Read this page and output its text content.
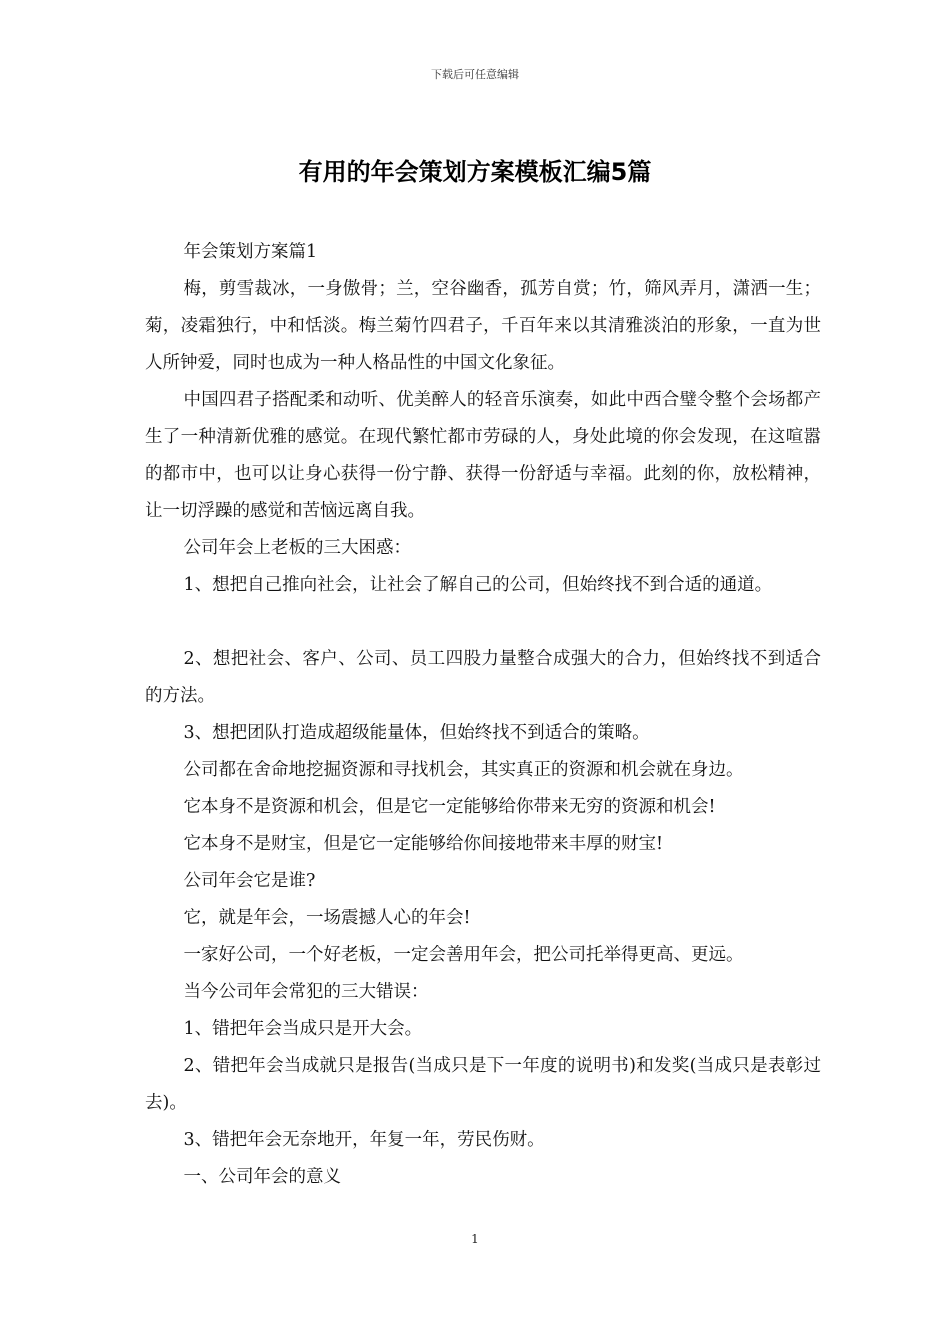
下载后可任意编辑
有用的年会策划方案模板汇编5篇

年会策划方案篇1

梅，剪雪裁冰，一身傲骨；兰，空谷幽香，孤芳自赏；竹，筛风弄月，潇洒一生；菊，凌霜独行，中和恬淡。梅兰菊竹四君子，千百年来以其清雅淡泊的形象，一直为世人所钟爱，同时也成为一种人格品性的中国文化象征。

中国四君子搭配柔和动听、优美醉人的轻音乐演奏，如此中西合璧令整个会场都产生了一种清新优雅的感觉。在现代繁忙都市劳碌的人，身处此境的你会发现，在这喧嚣的都市中，也可以让身心获得一份宁静、获得一份舒适与幸福。此刻的你，放松精神，让一切浮躁的感觉和苦恼远离自我。

公司年会上老板的三大困惑：

1、想把自己推向社会，让社会了解自己的公司，但始终找不到合适的通道。

2、想把社会、客户、公司、员工四股力量整合成强大的合力，但始终找不到适合的方法。

3、想把团队打造成超级能量体，但始终找不到适合的策略。

公司都在舍命地挖掘资源和寻找机会，其实真正的资源和机会就在身边。

它本身不是资源和机会，但是它一定能够给你带来无穷的资源和机会!

它本身不是财宝，但是它一定能够给你间接地带来丰厚的财宝!

公司年会它是谁?

它，就是年会，一场震撼人心的年会!

一家好公司，一个好老板，一定会善用年会，把公司托举得更高、更远。

当今公司年会常犯的三大错误：

1、错把年会当成只是开大会。

2、错把年会当成就只是报告(当成只是下一年度的说明书)和发奖(当成只是表彰过去)。

3、错把年会无奈地开，年复一年，劳民伤财。

一、公司年会的意义

1
